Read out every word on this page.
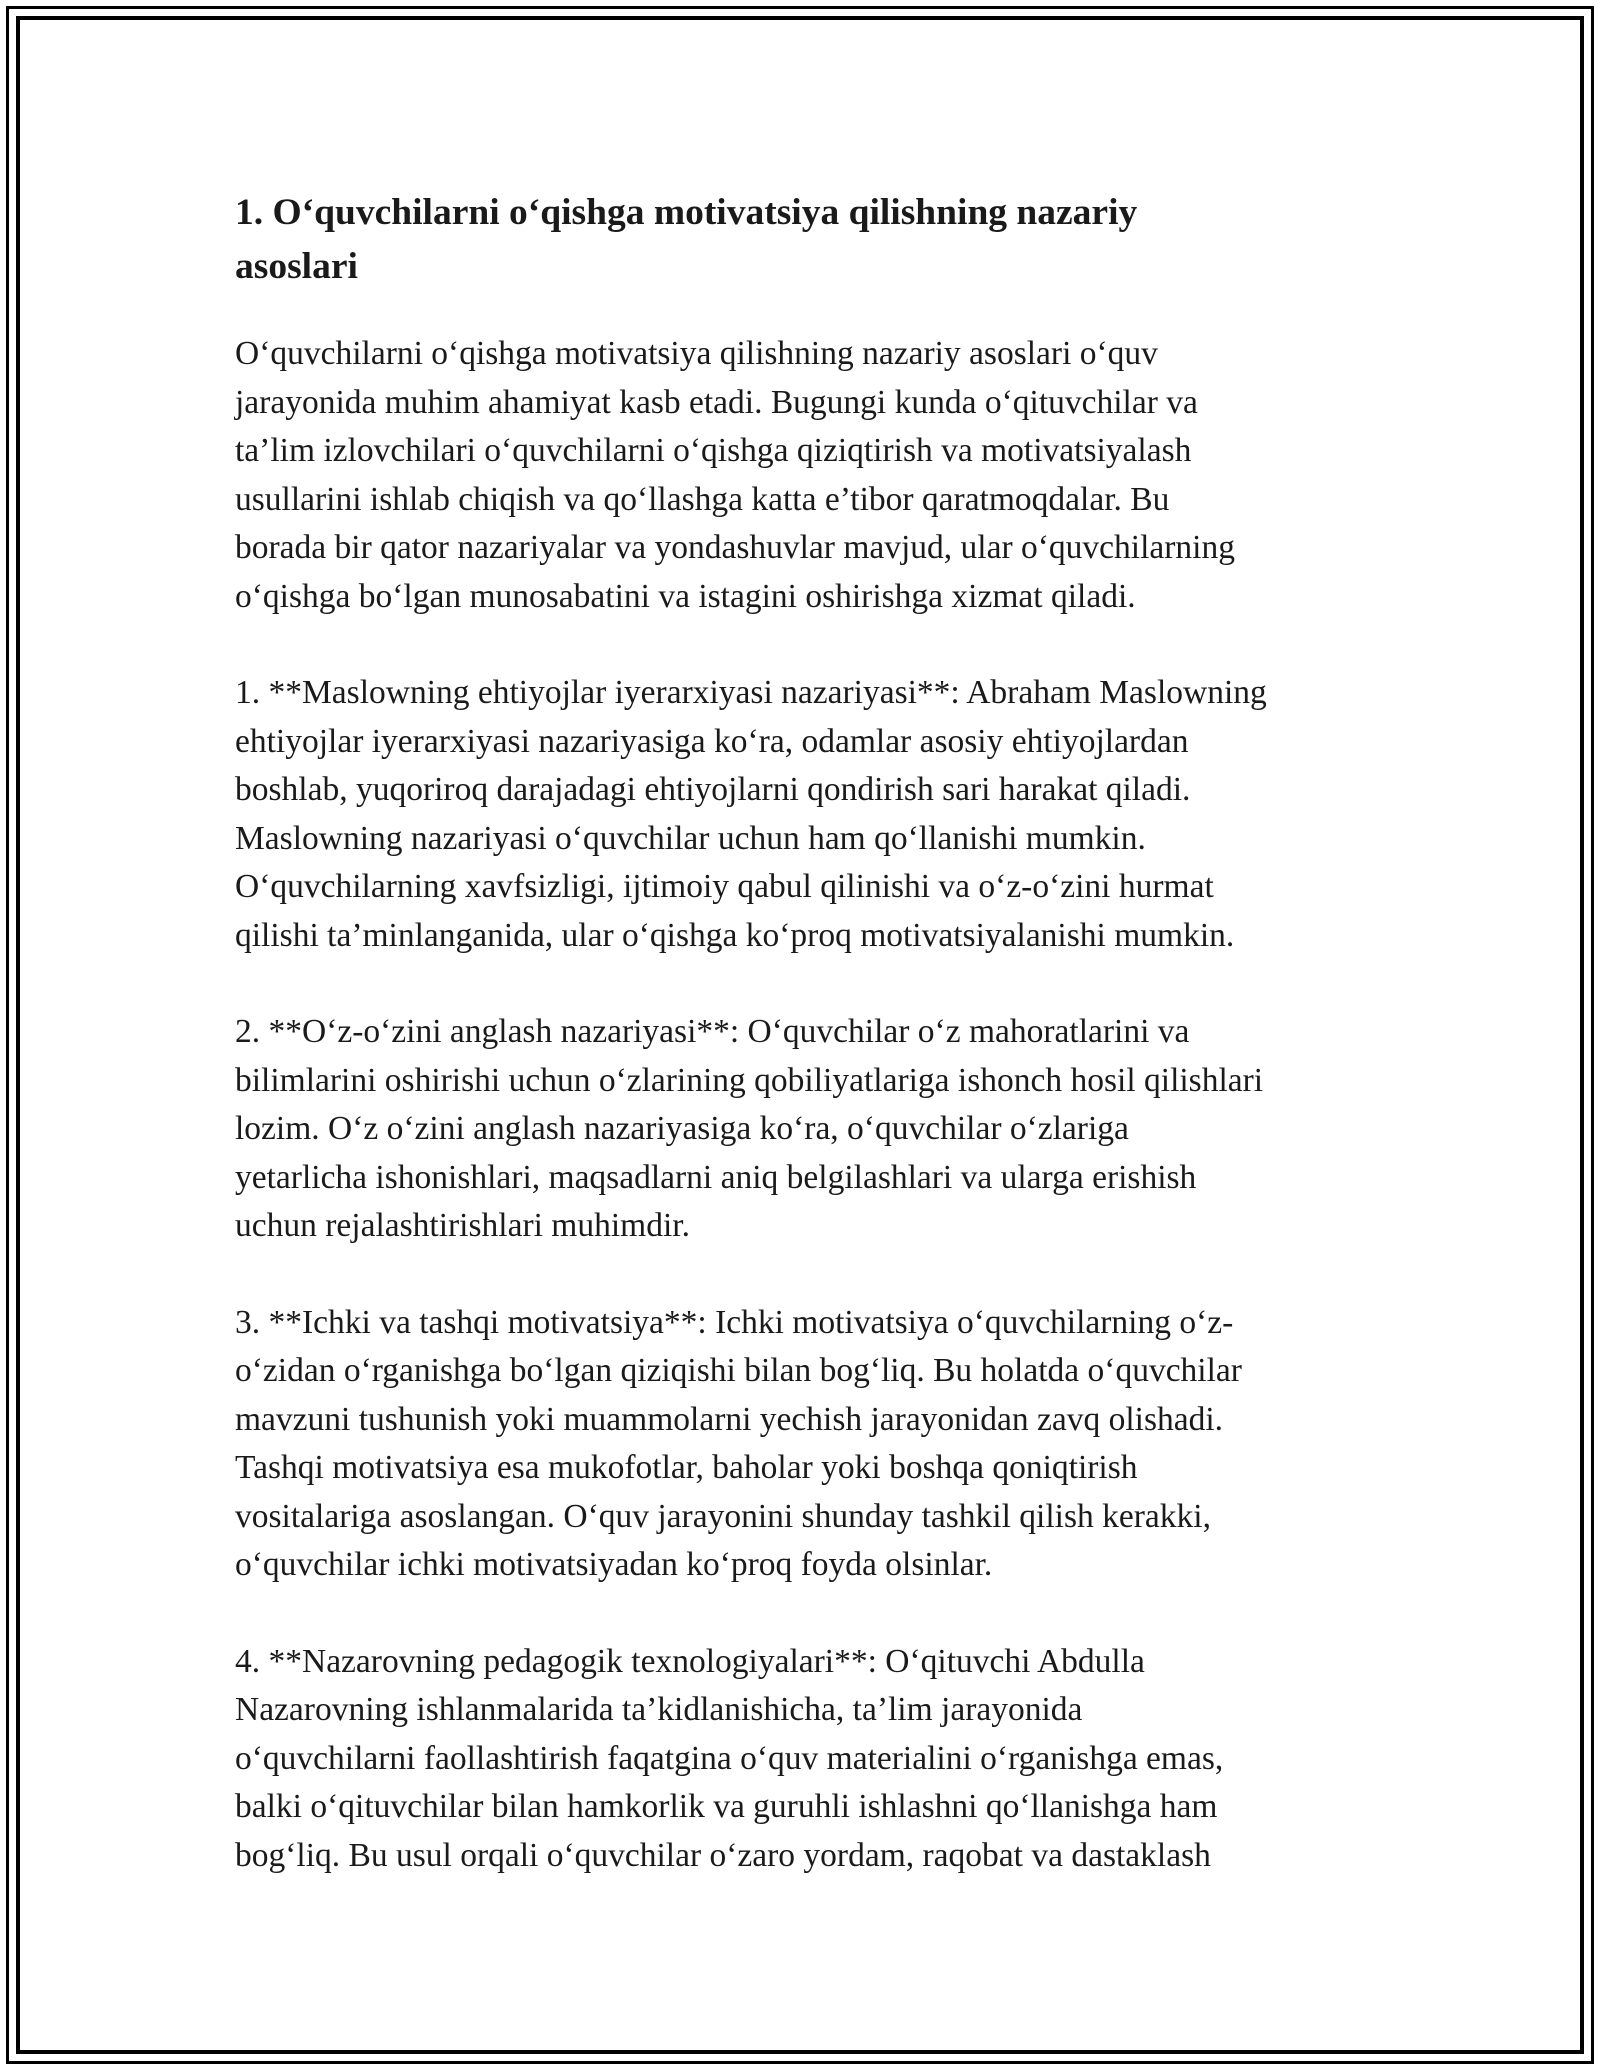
1. Oʻquvchilarni oʻqishga motivatsiya qilishning nazariy
asoslari

Oʻquvchilarni oʻqishga motivatsiya qilishning nazariy asoslari oʻquv
jarayonida muhim ahamiyat kasb etadi. Bugungi kunda oʻqituvchilar va
ta’lim izlovchilari oʻquvchilarni oʻqishga qiziqtirish va motivatsiyalash
usullarini ishlab chiqish va qoʻllashga katta e’tibor qaratmoqdalar. Bu
borada bir qator nazariyalar va yondashuvlar mavjud, ular oʻquvchilarning
oʻqishga boʻlgan munosabatini va istagini oshirishga xizmat qiladi.

1. **Maslowning ehtiyojlar iyerarxiyasi nazariyasi**: Abraham Maslowning
ehtiyojlar iyerarxiyasi nazariyasiga koʻra, odamlar asosiy ehtiyojlardan
boshlab, yuqoriroq darajadagi ehtiyojlarni qondirish sari harakat qiladi.
Maslowning nazariyasi oʻquvchilar uchun ham qoʻllanishi mumkin.
Oʻquvchilarning xavfsizligi, ijtimoiy qabul qilinishi va oʻz-oʻzini hurmat
qilishi ta’minlanganida, ular oʻqishga koʻproq motivatsiyalanishi mumkin.

2. **Oʻz-oʻzini anglash nazariyasi**: Oʻquvchilar oʻz mahoratlarini va
bilimlarini oshirishi uchun oʻzlarining qobiliyatlariga ishonch hosil qilishlari
lozim. Oʻz oʻzini anglash nazariyasiga koʻra, oʻquvchilar oʻzlariga
yetarlicha ishonishlari, maqsadlarni aniq belgilashlari va ularga erishish
uchun rejalashtirishlari muhimdir.

3. **Ichki va tashqi motivatsiya**: Ichki motivatsiya oʻquvchilarning oʻz-
oʻzidan oʻrganishga boʻlgan qiziqishi bilan bogʻliq. Bu holatda oʻquvchilar
mavzuni tushunish yoki muammolarni yechish jarayonidan zavq olishadi.
Tashqi motivatsiya esa mukofotlar, baholar yoki boshqa qoniqtirish
vositalariga asoslangan. Oʻquv jarayonini shunday tashkil qilish kerakki,
oʻquvchilar ichki motivatsiyadan koʻproq foyda olsinlar.

4. **Nazarovning pedagogik texnologiyalari**: Oʻqituvchi Abdulla
Nazarovning ishlanmalarida ta’kidlanishicha, ta’lim jarayonida
oʻquvchilarni faollashtirish faqatgina oʻquv materialini oʻrganishga emas,
balki oʻqituvchilar bilan hamkorlik va guruhli ishlashni qoʻllanishga ham
bogʻliq. Bu usul orqali oʻquvchilar oʻzaro yordam, raqobat va dastaklash
